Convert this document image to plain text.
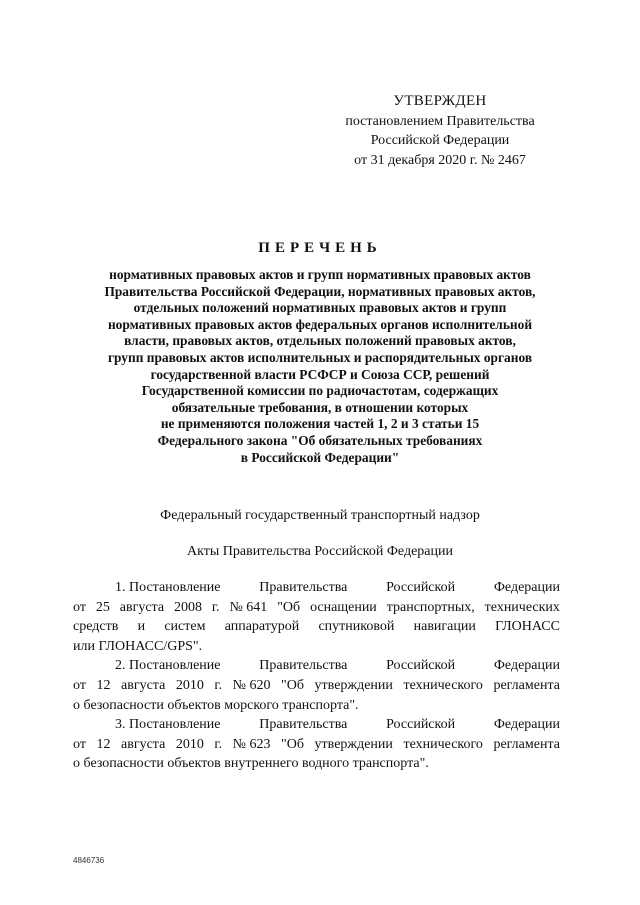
УТВЕРЖДЕН
постановлением Правительства
Российской Федерации
от 31 декабря 2020 г. № 2467
ПЕРЕЧЕНЬ
нормативных правовых актов и групп нормативных правовых актов
Правительства Российской Федерации, нормативных правовых актов,
отдельных положений нормативных правовых актов и групп
нормативных правовых актов федеральных органов исполнительной
власти, правовых актов, отдельных положений правовых актов,
групп правовых актов исполнительных и распорядительных органов
государственной власти РСФСР и Союза ССР, решений
Государственной комиссии по радиочастотам, содержащих
обязательные требования, в отношении которых
не применяются положения частей 1, 2 и 3 статьи 15
Федерального закона "Об обязательных требованиях
в Российской Федерации"
Федеральный государственный транспортный надзор
Акты Правительства Российской Федерации
1. Постановление	Правительства	Российской	Федерации
от 25 августа 2008 г. № 641 "Об оснащении транспортных, технических
средств и систем аппаратурой спутниковой навигации ГЛОНАСС
или ГЛОНАСС/GPS".
2. Постановление	Правительства	Российской	Федерации
от 12 августа 2010 г. № 620 "Об утверждении технического регламента
о безопасности объектов морского транспорта".
3. Постановление	Правительства	Российской	Федерации
от 12 августа 2010 г. № 623 "Об утверждении технического регламента
о безопасности объектов внутреннего водного транспорта".
4846736
